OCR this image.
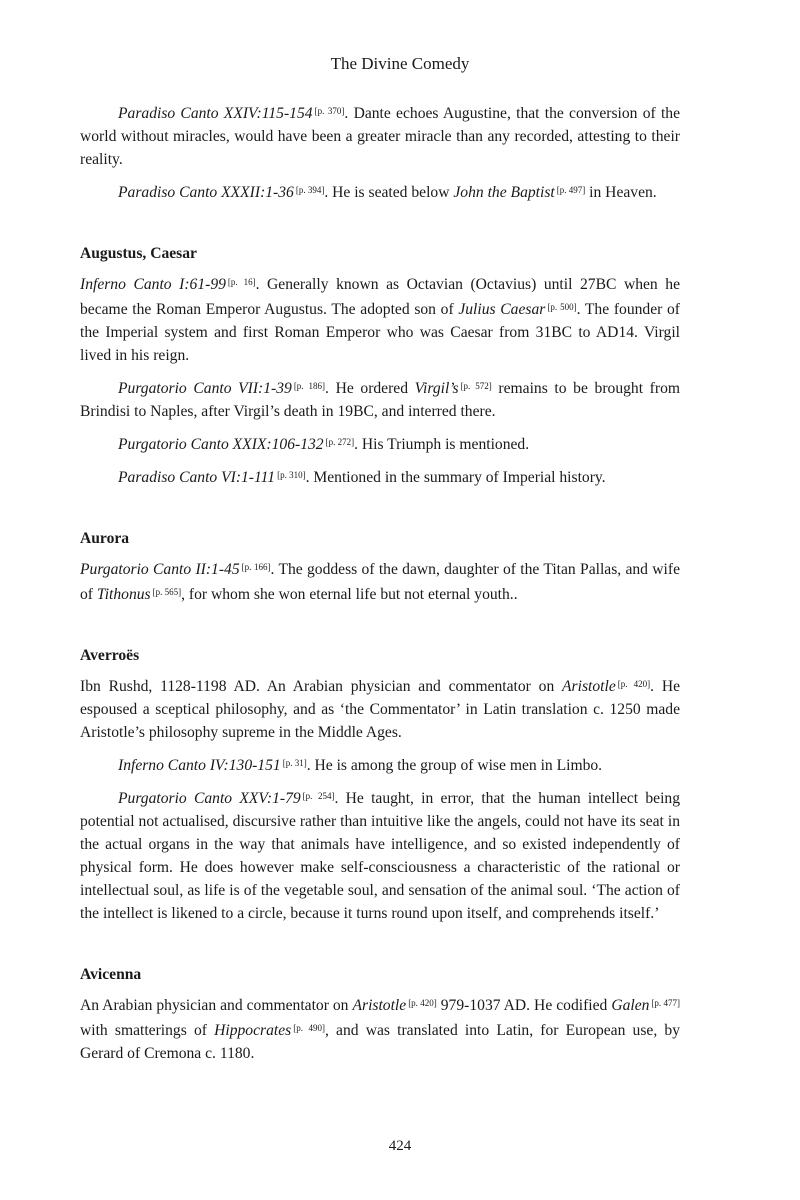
The Divine Comedy

Paradiso Canto XXIV:115-154 [p. 370]. Dante echoes Augustine, that the conversion of the world without miracles, would have been a greater miracle than any recorded, attesting to their reality.

Paradiso Canto XXXII:1-36 [p. 394]. He is seated below John the Baptist [p. 497] in Heaven.

Augustus, Caesar

Inferno Canto I:61-99 [p. 16]. Generally known as Octavian (Octavius) until 27BC when he became the Roman Emperor Augustus. The adopted son of Julius Caesar [p. 500]. The founder of the Imperial system and first Roman Emperor who was Caesar from 31BC to AD14. Virgil lived in his reign.

Purgatorio Canto VII:1-39 [p. 186]. He ordered Virgil’s [p. 572] remains to be brought from Brindisi to Naples, after Virgil’s death in 19BC, and interred there.

Purgatorio Canto XXIX:106-132 [p. 272]. His Triumph is mentioned.

Paradiso Canto VI:1-111 [p. 310]. Mentioned in the summary of Imperial history.

Aurora

Purgatorio Canto II:1-45 [p. 166]. The goddess of the dawn, daughter of the Titan Pallas, and wife of Tithonus [p. 565], for whom she won eternal life but not eternal youth..

Averroës

Ibn Rushd, 1128-1198 AD. An Arabian physician and commentator on Aristotle [p. 420]. He espoused a sceptical philosophy, and as ‘the Commentator’ in Latin translation c. 1250 made Aristotle’s philosophy supreme in the Middle Ages.

Inferno Canto IV:130-151 [p. 31]. He is among the group of wise men in Limbo.

Purgatorio Canto XXV:1-79 [p. 254]. He taught, in error, that the human intellect being potential not actualised, discursive rather than intuitive like the angels, could not have its seat in the actual organs in the way that animals have intelligence, and so existed independently of physical form. He does however make self-consciousness a characteristic of the rational or intellectual soul, as life is of the vegetable soul, and sensation of the animal soul. ‘The action of the intellect is likened to a circle, because it turns round upon itself, and comprehends itself.’

Avicenna

An Arabian physician and commentator on Aristotle [p. 420] 979-1037 AD. He codified Galen [p. 477] with smatterings of Hippocrates [p. 490], and was translated into Latin, for European use, by Gerard of Cremona c. 1180.

424
